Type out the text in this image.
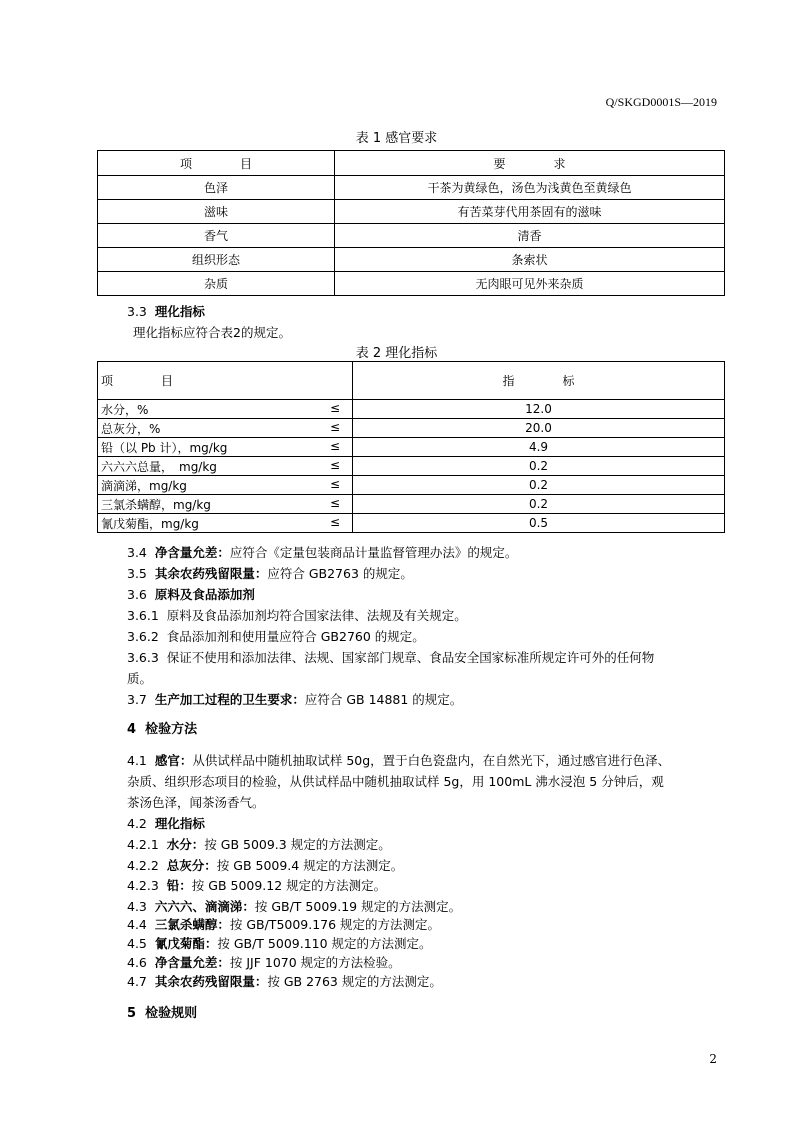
Q/SKGD0001S—2019
表 1 感官要求
项　　　　目	要　　　　求
色泽	干茶为黄绿色，汤色为浅黄色至黄绿色
滋味	有苦菜芽代用茶固有的滋味
香气	清香
组织形态	条索状
杂质	无肉眼可见外来杂质
3.3 理化指标
理化指标应符合表2的规定。
表 2 理化指标
项　　　　目	指　　　　标
水分，% ≤	12.0
总灰分，% ≤	20.0
铅（以 Pb 计），mg/kg ≤	4.9
六六六总量，　mg/kg ≤	0.2
滴滴涕，mg/kg ≤	0.2
三氯杀螨醇，mg/kg ≤	0.2
氰戊菊酯，mg/kg ≤	0.5
3.4 净含量允差：应符合《定量包装商品计量监督管理办法》的规定。
3.5 其余农药残留限量：应符合 GB2763 的规定。
3.6 原料及食品添加剂
3.6.1 原料及食品添加剂均符合国家法律、法规及有关规定。
3.6.2 食品添加剂和使用量应符合 GB2760 的规定。
3.6.3 保证不使用和添加法律、法规、国家部门规章、食品安全国家标准所规定许可外的任何物
质。
3.7 生产加工过程的卫生要求：应符合 GB 14881 的规定。
4 检验方法
4.1 感官：从供试样品中随机抽取试样 50g，置于白色瓷盘内，在自然光下，通过感官进行色泽、
杂质、组织形态项目的检验，从供试样品中随机抽取试样 5g，用 100mL 沸水浸泡 5 分钟后，观
茶汤色泽，闻茶汤香气。
4.2 理化指标
4.2.1 水分：按 GB 5009.3 规定的方法测定。
4.2.2 总灰分：按 GB 5009.4 规定的方法测定。
4.2.3 铅：按 GB 5009.12 规定的方法测定。
4.3 六六六、滴滴涕：按 GB/T 5009.19 规定的方法测定。
4.4 三氯杀螨醇：按 GB/T5009.176 规定的方法测定。
4.5 氰戊菊酯：按 GB/T 5009.110 规定的方法测定。
4.6 净含量允差：按 JJF 1070 规定的方法检验。
4.7 其余农药残留限量：按 GB 2763 规定的方法测定。
5 检验规则
2
